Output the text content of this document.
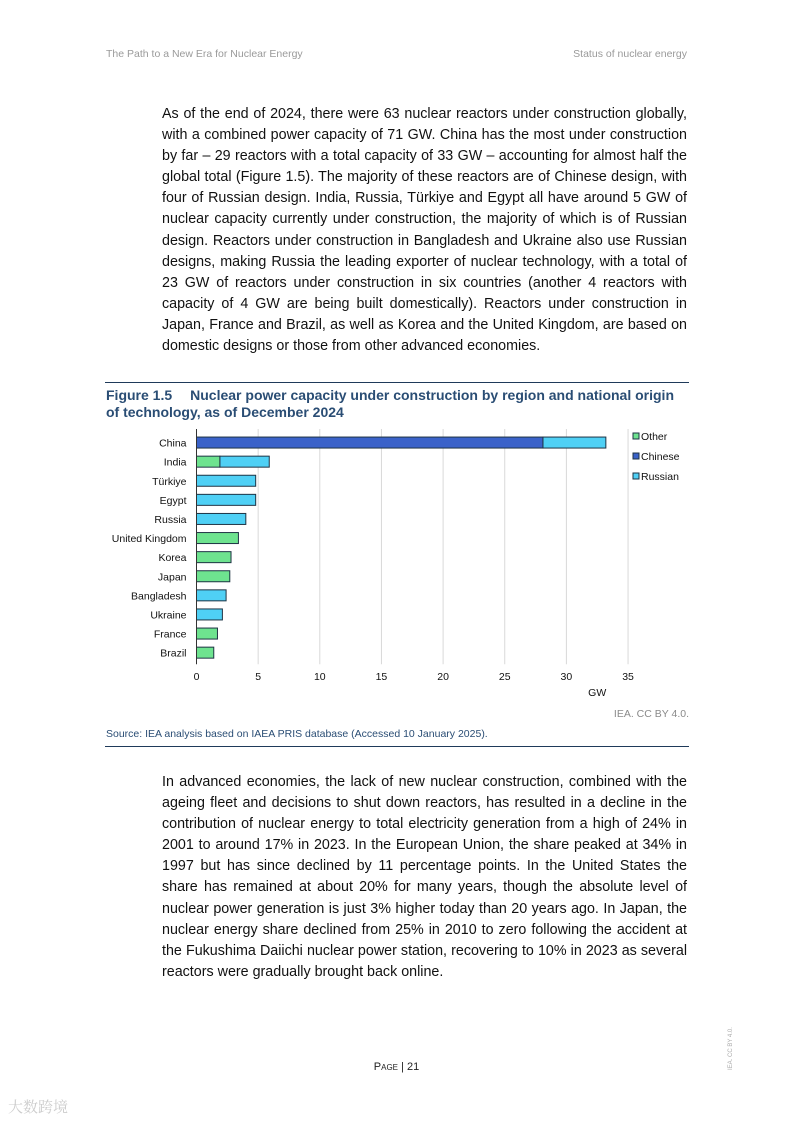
The Path to a New Era for Nuclear Energy	Status of nuclear energy
As of the end of 2024, there were 63 nuclear reactors under construction globally, with a combined power capacity of 71 GW. China has the most under construction by far – 29 reactors with a total capacity of 33 GW – accounting for almost half the global total (Figure 1.5). The majority of these reactors are of Chinese design, with four of Russian design. India, Russia, Türkiye and Egypt all have around 5 GW of nuclear capacity currently under construction, the majority of which is of Russian design. Reactors under construction in Bangladesh and Ukraine also use Russian designs, making Russia the leading exporter of nuclear technology, with a total of 23 GW of reactors under construction in six countries (another 4 reactors with capacity of 4 GW are being built domestically). Reactors under construction in Japan, France and Brazil, as well as Korea and the United Kingdom, are based on domestic designs or those from other advanced economies.
Figure 1.5 Nuclear power capacity under construction by region and national origin of technology, as of December 2024
0	5	10	15	20	25	30	35
GW
China
India
Türkiye
Egypt
Russia
United Kingdom
Korea
Japan
Bangladesh
Ukraine
France
Brazil
Other
Chinese
Russian
IEA. CC BY 4.0.
Source: IEA analysis based on IAEA PRIS database (Accessed 10 January 2025).
In advanced economies, the lack of new nuclear construction, combined with the ageing fleet and decisions to shut down reactors, has resulted in a decline in the contribution of nuclear energy to total electricity generation from a high of 24% in 2001 to around 17% in 2023. In the European Union, the share peaked at 34% in 1997 but has since declined by 11 percentage points. In the United States the share has remained at about 20% for many years, though the absolute level of nuclear power generation is just 3% higher today than 20 years ago. In Japan, the nuclear energy share declined from 25% in 2010 to zero following the accident at the Fukushima Daiichi nuclear power station, recovering to 10% in 2023 as several reactors were gradually brought back online.
Page | 21	IEA. CC BY 4.0.
大数跨境
